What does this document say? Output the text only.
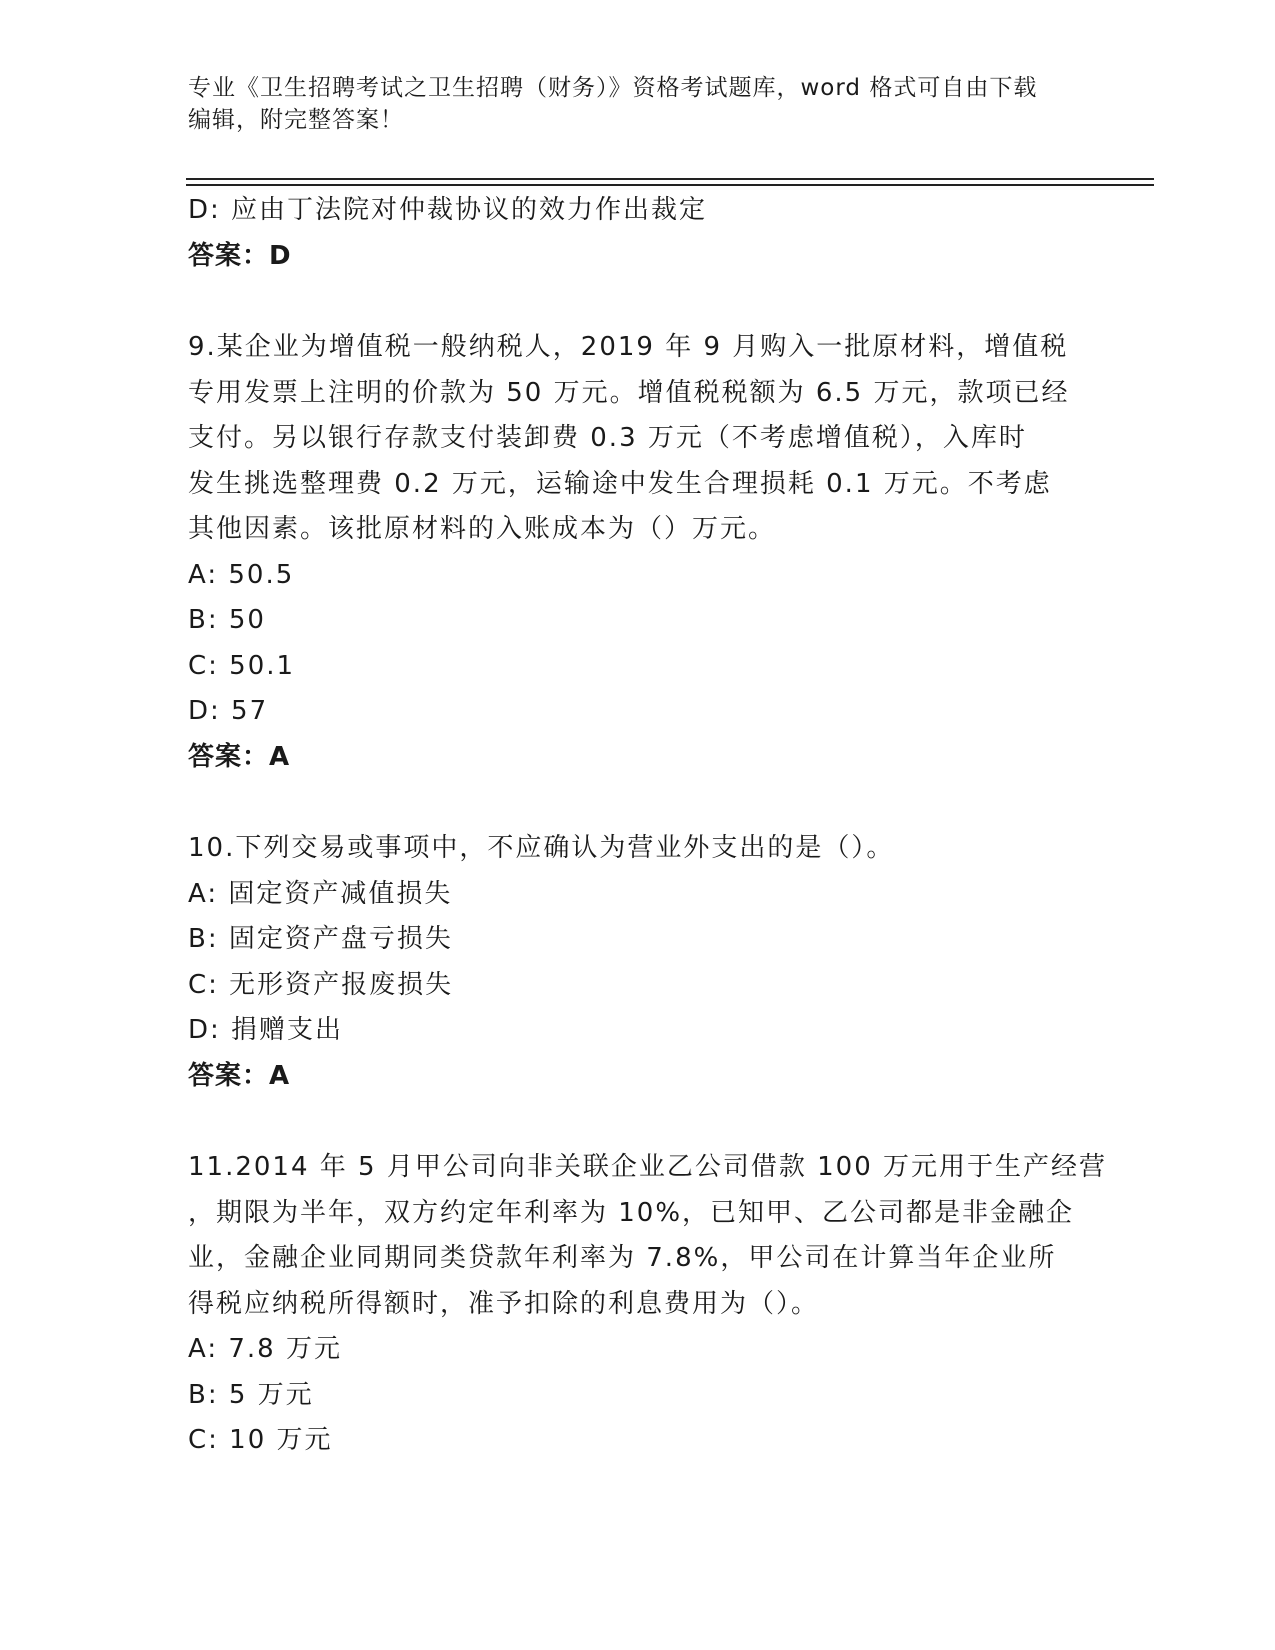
专业《卫生招聘考试之卫生招聘（财务）》资格考试题库，word 格式可自由下载
编辑，附完整答案！
D: 应由丁法院对仲裁协议的效力作出裁定
答案：D
9.某企业为增值税一般纳税人，2019 年 9 月购入一批原材料，增值税
专用发票上注明的价款为 50 万元。增值税税额为 6.5 万元，款项已经
支付。另以银行存款支付装卸费 0.3 万元（不考虑增值税），入库时
发生挑选整理费 0.2 万元，运输途中发生合理损耗 0.1 万元。不考虑
其他因素。该批原材料的入账成本为（）万元。
A: 50.5
B: 50
C: 50.1
D: 57
答案：A
10.下列交易或事项中，不应确认为营业外支出的是（）。
A: 固定资产减值损失
B: 固定资产盘亏损失
C: 无形资产报废损失
D: 捐赠支出
答案：A
11.2014 年 5 月甲公司向非关联企业乙公司借款 100 万元用于生产经营
，期限为半年，双方约定年利率为 10%，已知甲、乙公司都是非金融企
业，金融企业同期同类贷款年利率为 7.8%，甲公司在计算当年企业所
得税应纳税所得额时，准予扣除的利息费用为（）。
A: 7.8 万元
B: 5 万元
C: 10 万元
